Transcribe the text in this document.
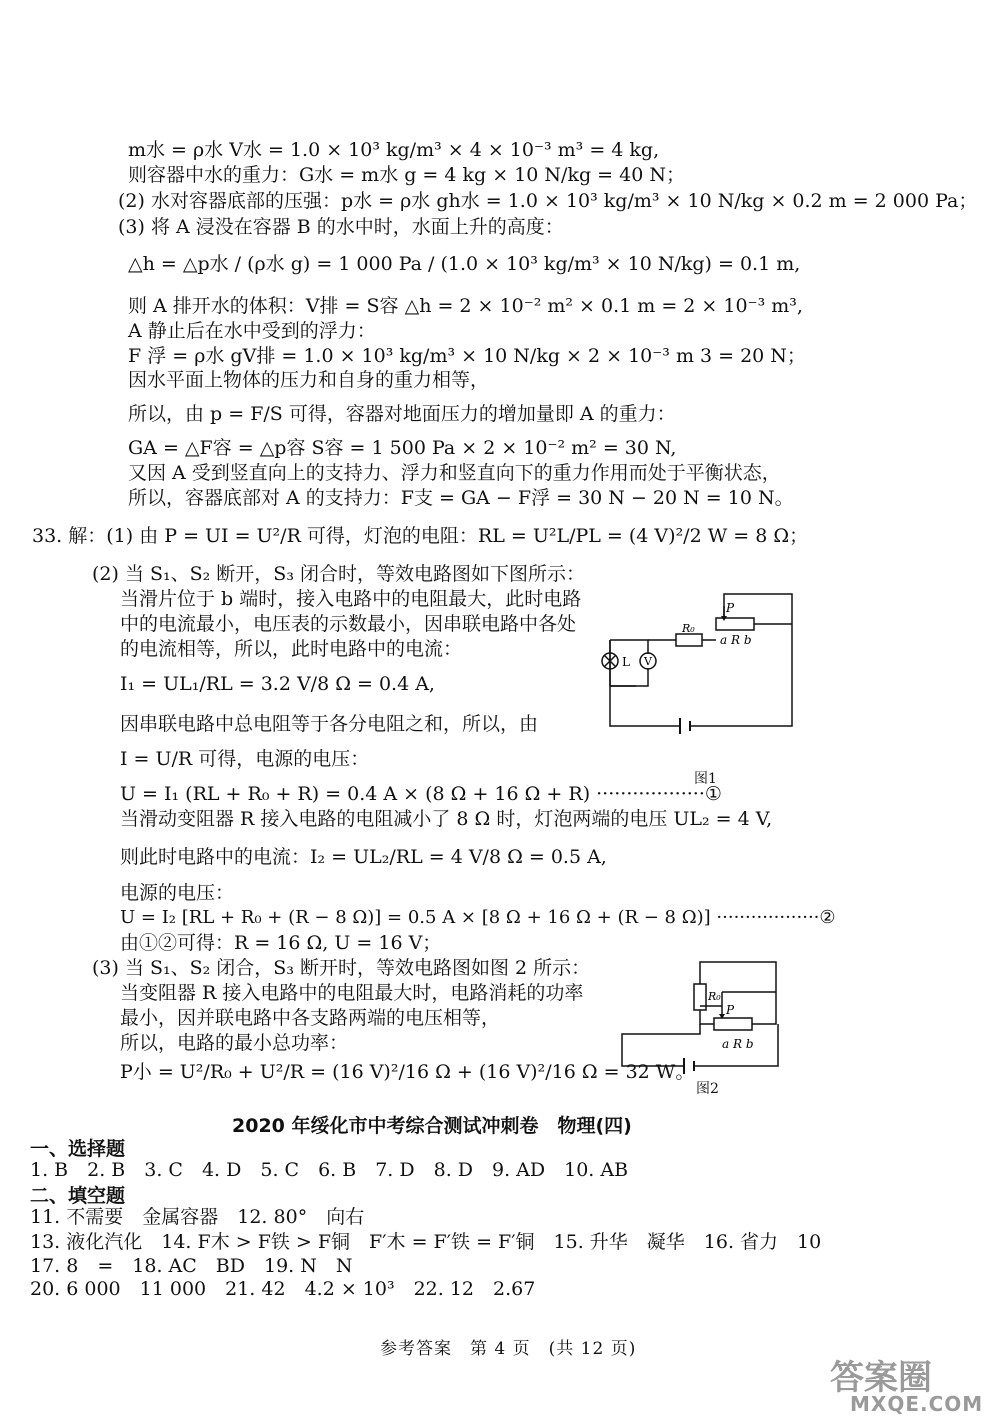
m水 = ρ水 V水 = 1.0 × 10³ kg/m³ × 4 × 10⁻³ m³ = 4 kg,
则容器中水的重力：G水 = m水 g = 4 kg × 10 N/kg = 40 N；
(2) 水对容器底部的压强：p水 = ρ水 gh水 = 1.0 × 10³ kg/m³ × 10 N/kg × 0.2 m = 2 000 Pa；
(3) 将 A 浸没在容器 B 的水中时，水面上升的高度：
△h = △p水 / (ρ水 g) = 1 000 Pa / (1.0 × 10³ kg/m³ × 10 N/kg) = 0.1 m,
则 A 排开水的体积：V排 = S容 △h = 2 × 10⁻² m² × 0.1 m = 2 × 10⁻³ m³,
A 静止后在水中受到的浮力：
F 浮 = ρ水 gV排 = 1.0 × 10³ kg/m³ × 10 N/kg × 2 × 10⁻³ m 3 = 20 N；
因水平面上物体的压力和自身的重力相等，
所以，由 p = F/S 可得，容器对地面压力的增加量即 A 的重力：
GA = △F容 = △p容 S容 = 1 500 Pa × 2 × 10⁻² m² = 30 N,
又因 A 受到竖直向上的支持力、浮力和竖直向下的重力作用而处于平衡状态，
所以，容器底部对 A 的支持力：F支 = GA − F浮 = 30 N − 20 N = 10 N。
33. 解：(1) 由 P = UI = U²/R 可得，灯泡的电阻：RL = U²L/PL = (4 V)²/2 W = 8 Ω；
(2) 当 S₁、S₂ 断开，S₃ 闭合时，等效电路图如下图所示：
当滑片位于 b 端时，接入电路中的电阻最大，此时电路
中的电流最小，电压表的示数最小，因串联电路中各处
的电流相等，所以，此时电路中的电流：
I₁ = UL₁/RL = 3.2 V/8 Ω = 0.4 A,
因串联电路中总电阻等于各分电阻之和，所以，由
I = U/R 可得，电源的电压：
U = I₁ (RL + R₀ + R) = 0.4 A × (8 Ω + 16 Ω + R) ··················①
当滑动变阻器 R 接入电路的电阻减小了 8 Ω 时，灯泡两端的电压 UL₂ = 4 V,
则此时电路中的电流：I₂ = UL₂/RL = 4 V/8 Ω = 0.5 A,
电源的电压：
U = I₂ [RL + R₀ + (R − 8 Ω)] = 0.5 A × [8 Ω + 16 Ω + (R − 8 Ω)] ··················②
由①②可得：R = 16 Ω, U = 16 V；
(3) 当 S₁、S₂ 闭合，S₃ 断开时，等效电路图如图 2 所示：
当变阻器 R 接入电路中的电阻最大时，电路消耗的功率
最小，因并联电路中各支路两端的电压相等，
所以，电路的最小总功率：
P小 = U²/R₀ + U²/R = (16 V)²/16 Ω + (16 V)²/16 Ω = 32 W。
L V
R₀
a R b
P
图1
R₀
P
a R b
图2
2020 年绥化市中考综合测试冲刺卷　物理(四)
一、选择题
1. B　2. B　3. C　4. D　5. C　6. B　7. D　8. D　9. AD　10. AB
二、填空题
11. 不需要　金属容器　12. 80°　向右
13. 液化汽化　14. F木 > F铁 > F铜　F′木 = F′铁 = F′铜　15. 升华　凝华　16. 省力　10
17. 8　=　18. AC　BD　19. N　N
20. 6 000　11 000　21. 42　4.2 × 10³　22. 12　2.67
参考答案　第 4 页　(共 12 页)
答案圈
MXQE.COM
